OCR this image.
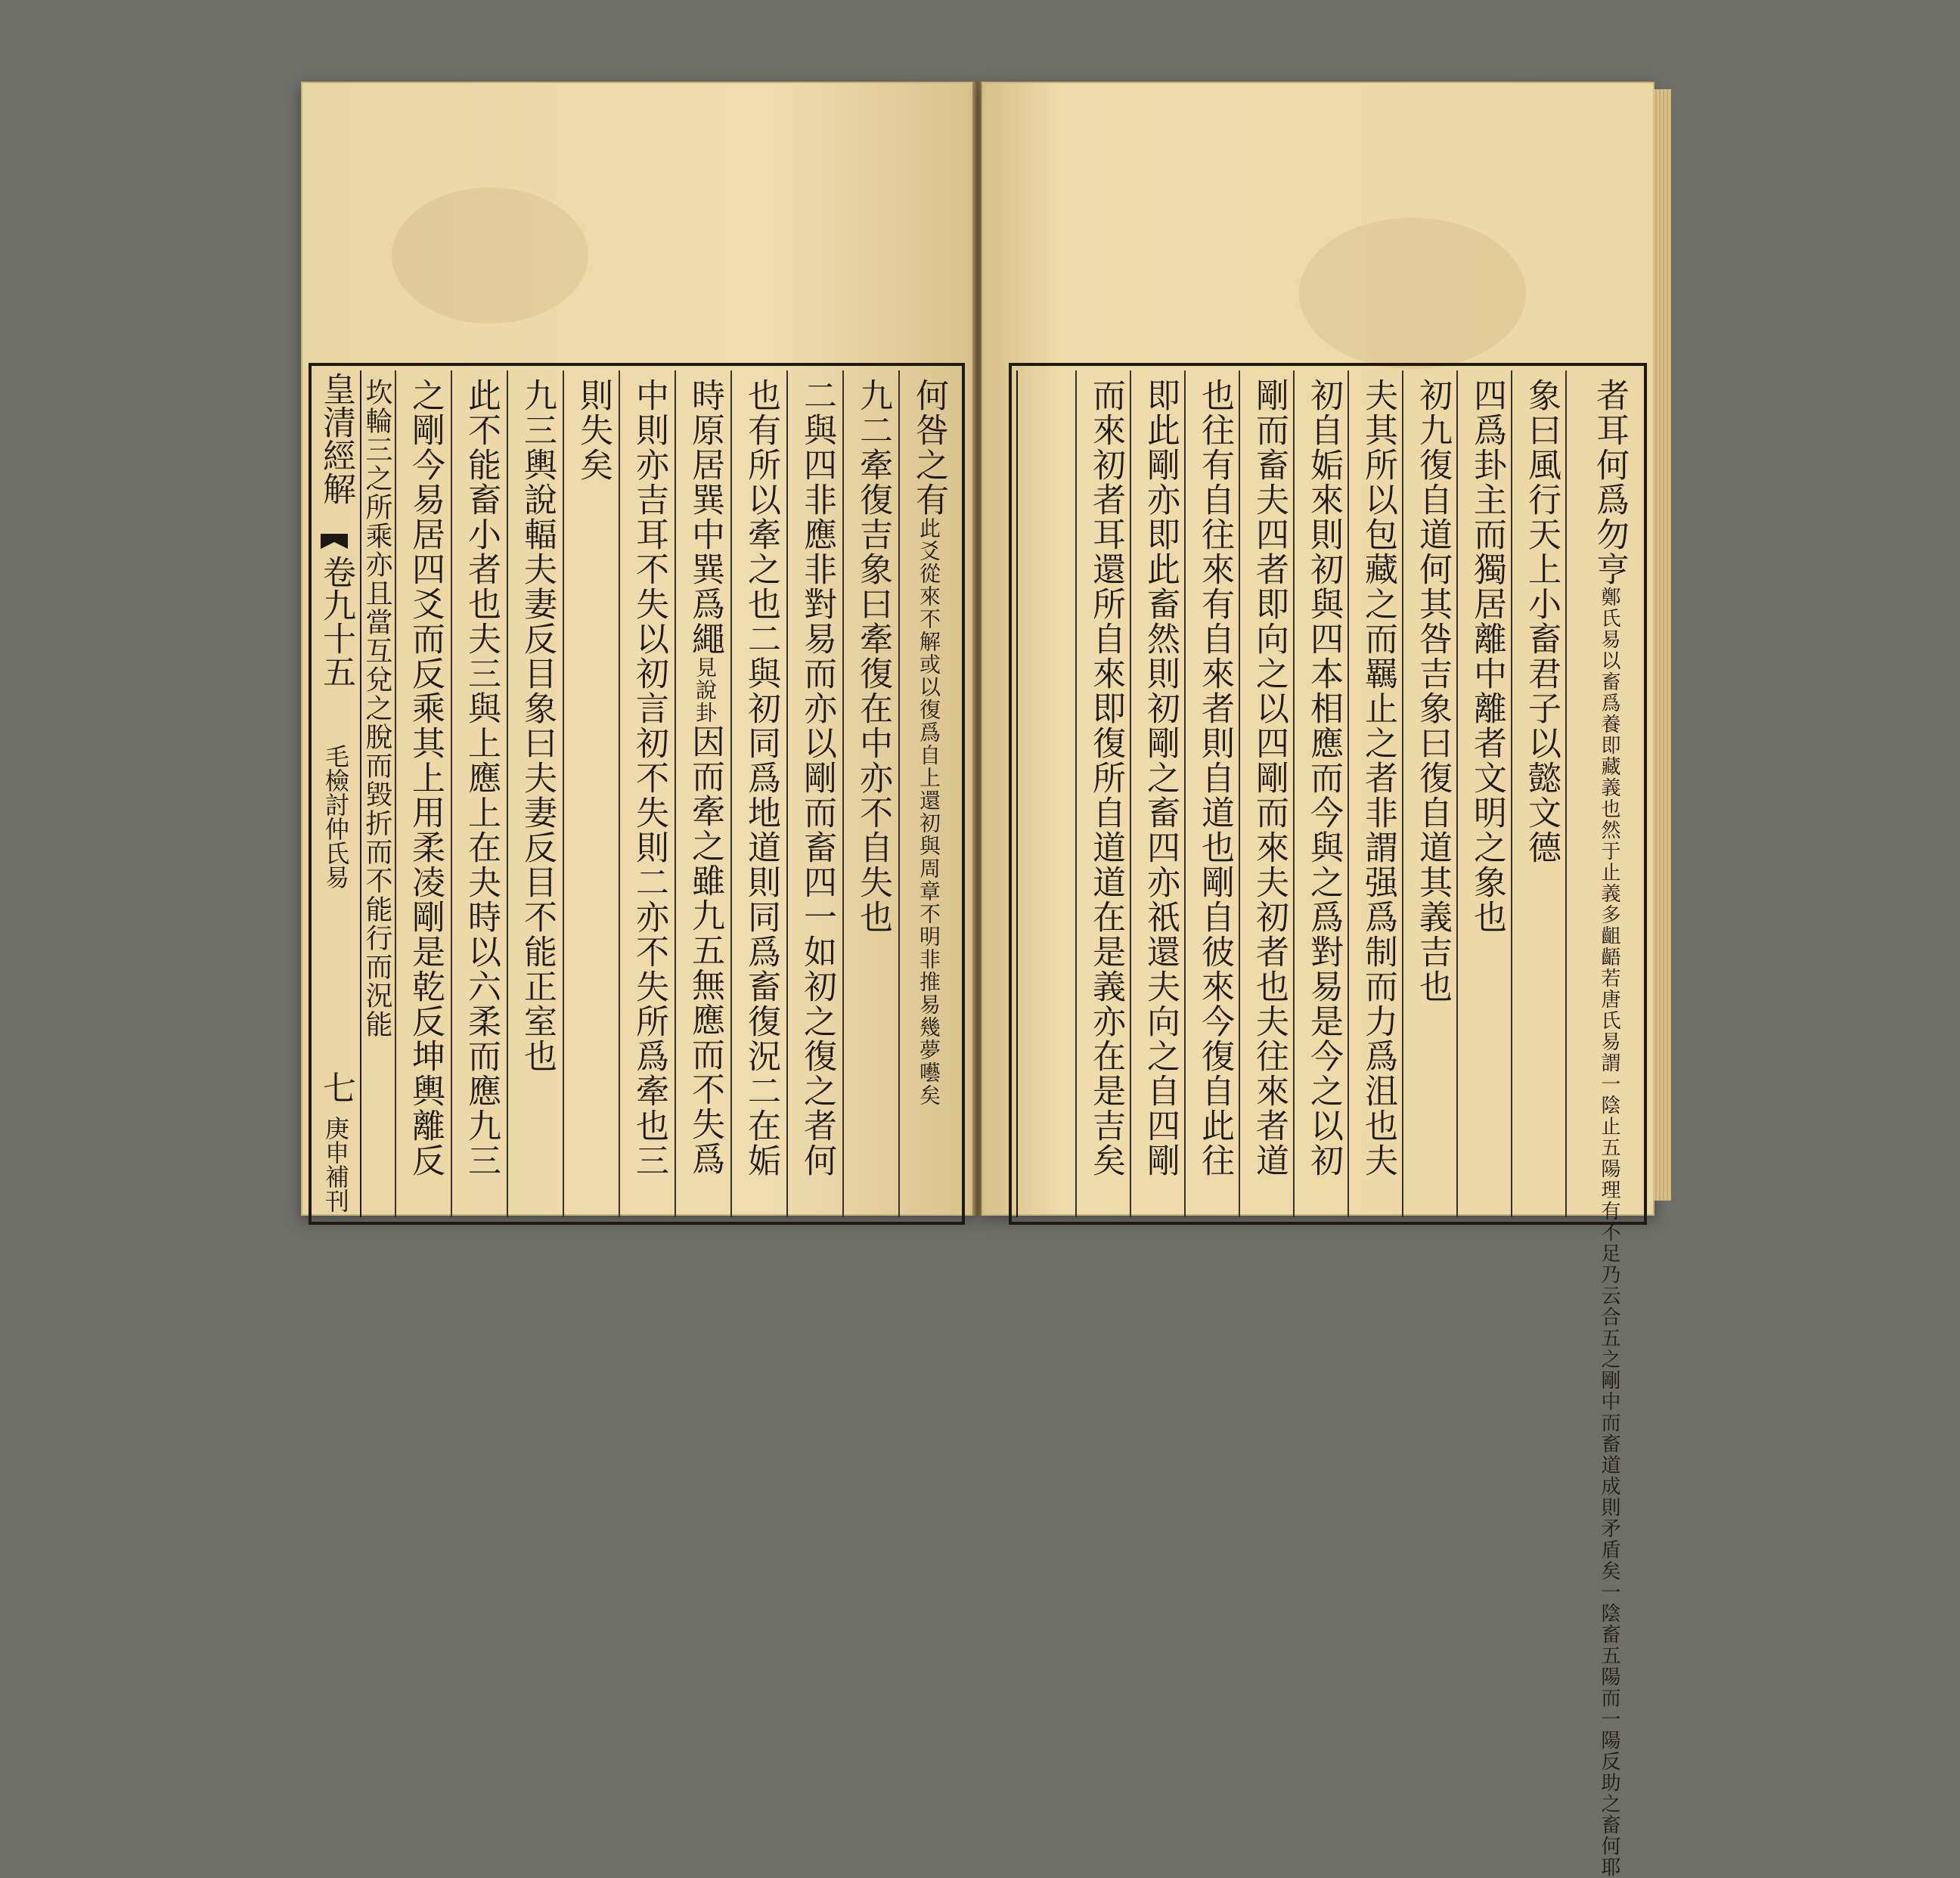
皇清經解
卷九十五
毛檢討仲氏易
七
庚申補刊
何咎之有此爻從來不解或以復爲自上還初與周章不明非推易幾夢囈矣
九二牽復吉象曰牽復在中亦不自失也
二與四非應非對易而亦以剛而畜四一如初之復之者何
也有所以牽之也二與初同爲地道則同爲畜復況二在姤
時原居巽中巽爲繩見說卦因而牽之雖九五無應而不失爲
中則亦吉耳不失以初言初不失則二亦不失所爲牽也三
則失矣
九三輿說輻夫妻反目象曰夫妻反目不能正室也
此不能畜小者也夫三與上應上在夬時以六柔而應九三
之剛今易居四爻而反乘其上用柔凌剛是乾反坤輿離反
坎輪三之所乘亦且當互兌之脫而毀折而不能行而況能	者耳何爲勿亨鄭氏易以畜爲養即藏義也然于止義多齟齬若唐氏易謂一陰止五陽理有不足乃云合五之剛中而畜道成則矛盾矣一陰畜五陽而一陽反助之畜何耶
象曰風行天上小畜君子以懿文德
四爲卦主而獨居離中離者文明之象也
初九復自道何其咎吉象曰復自道其義吉也
夫其所以包藏之而羈止之者非謂强爲制而力爲沮也夫
初自姤來則初與四本相應而今與之爲對易是今之以初
剛而畜夫四者即向之以四剛而來夫初者也夫往來者道
也往有自往來有自來者則自道也剛自彼來今復自此往
即此剛亦即此畜然則初剛之畜四亦祇還夫向之自四剛
而來初者耳還所自來即復所自道道在是義亦在是吉矣
